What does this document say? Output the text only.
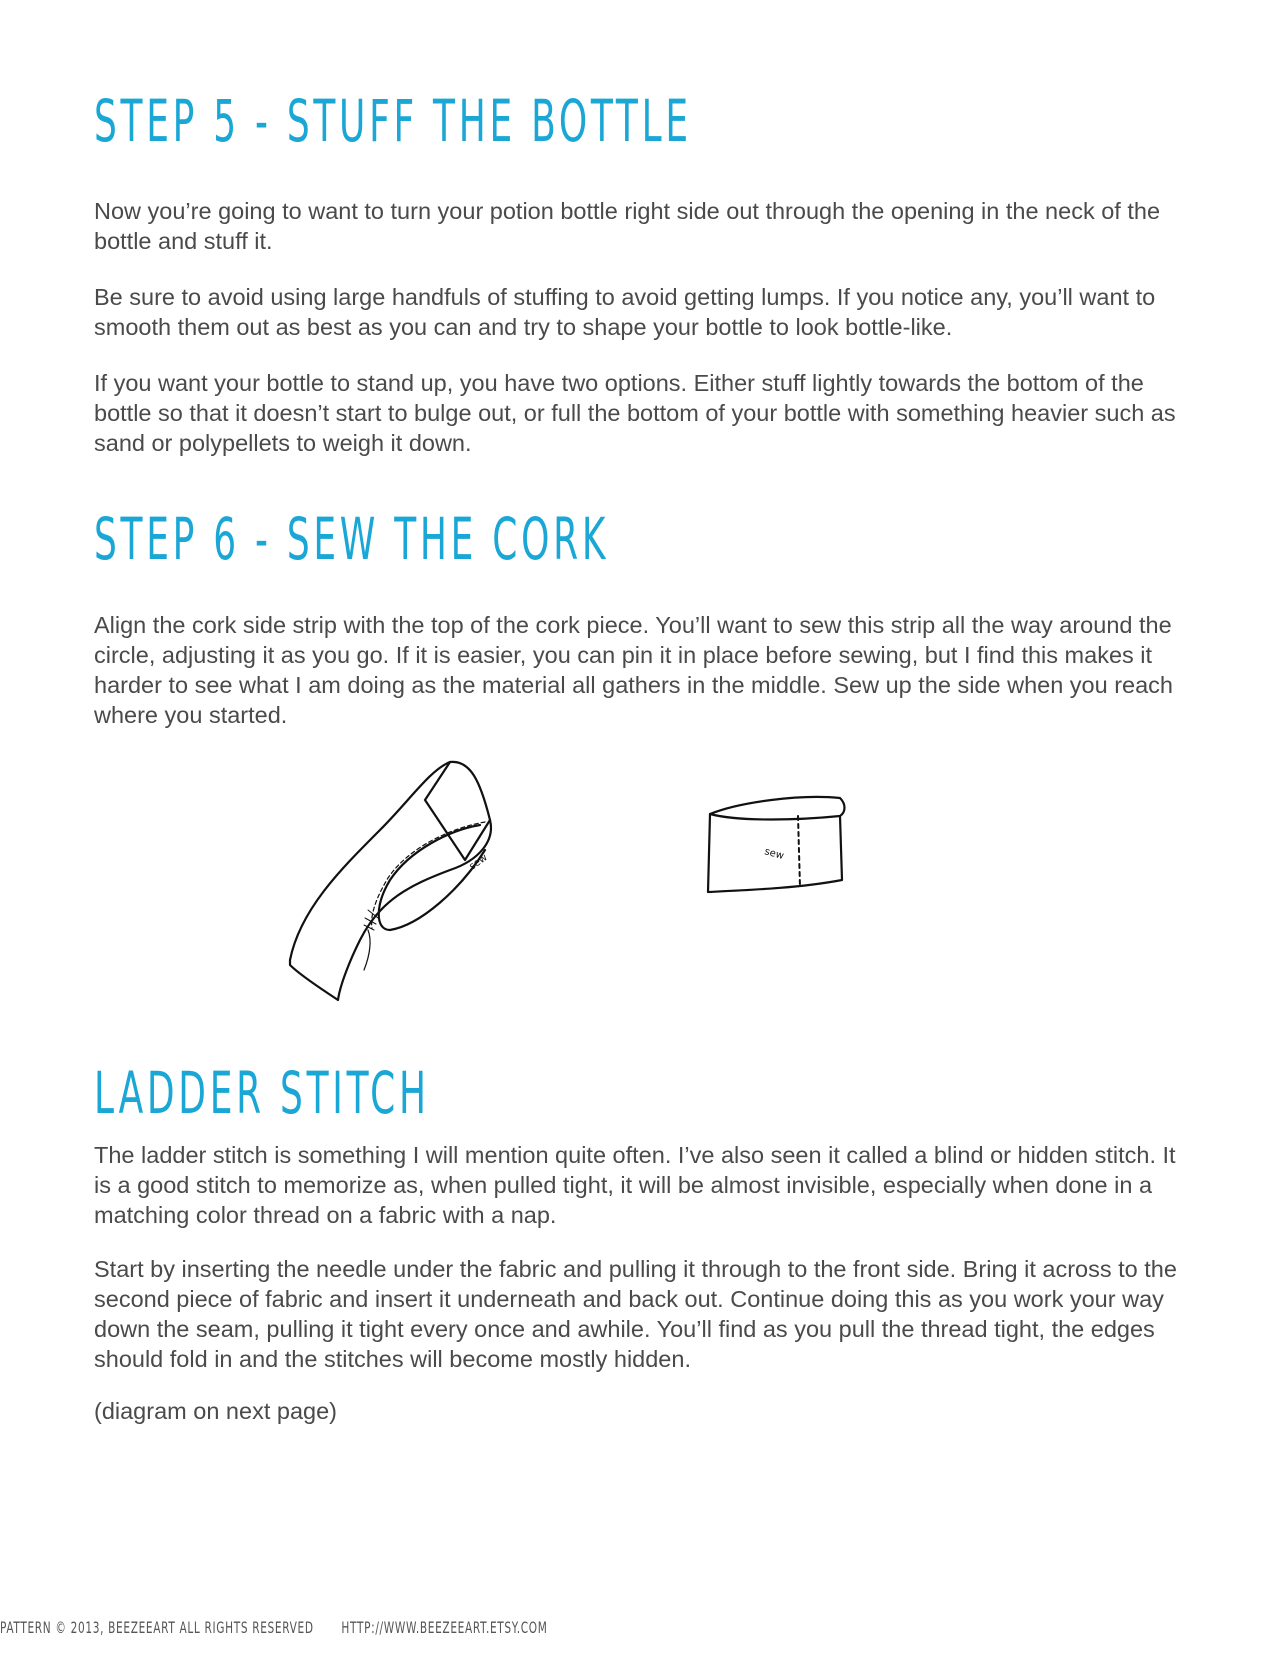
STEP 5 - STUFF THE BOTTLE

Now you’re going to want to turn your potion bottle right side out through the opening in the neck of the bottle and stuff it.

Be sure to avoid using large handfuls of stuffing to avoid getting lumps. If you notice any, you’ll want to smooth them out as best as you can and try to shape your bottle to look bottle-like.

If you want your bottle to stand up, you have two options. Either stuff lightly towards the bottom of the bottle so that it doesn’t start to bulge out, or full the bottom of your bottle with something heavier such as sand or polypellets to weigh it down.

STEP 6 - SEW THE CORK

Align the cork side strip with the top of the cork piece. You’ll want to sew this strip all the way around the circle, adjusting it as you go. If it is easier, you can pin it in place before sewing, but I find this makes it harder to see what I am doing as the material all gathers in the middle. Sew up the side when you reach where you started.

sew	sew
LADDER STITCH

The ladder stitch is something I will mention quite often. I’ve also seen it called a blind or hidden stitch. It is a good stitch to memorize as, when pulled tight, it will be almost invisible, especially when done in a matching color thread on a fabric with a nap.

Start by inserting the needle under the fabric and pulling it through to the front side. Bring it across to the second piece of fabric and insert it underneath and back out. Continue doing this as you work your way down the seam, pulling it tight every once and awhile. You’ll find as you pull the thread tight, the edges should fold in and the stitches will become mostly hidden.

(diagram on next page)

PATTERN © 2013, BEEZEEART ALL RIGHTS RESERVED HTTP://WWW.BEEZEEART.ETSY.COM
